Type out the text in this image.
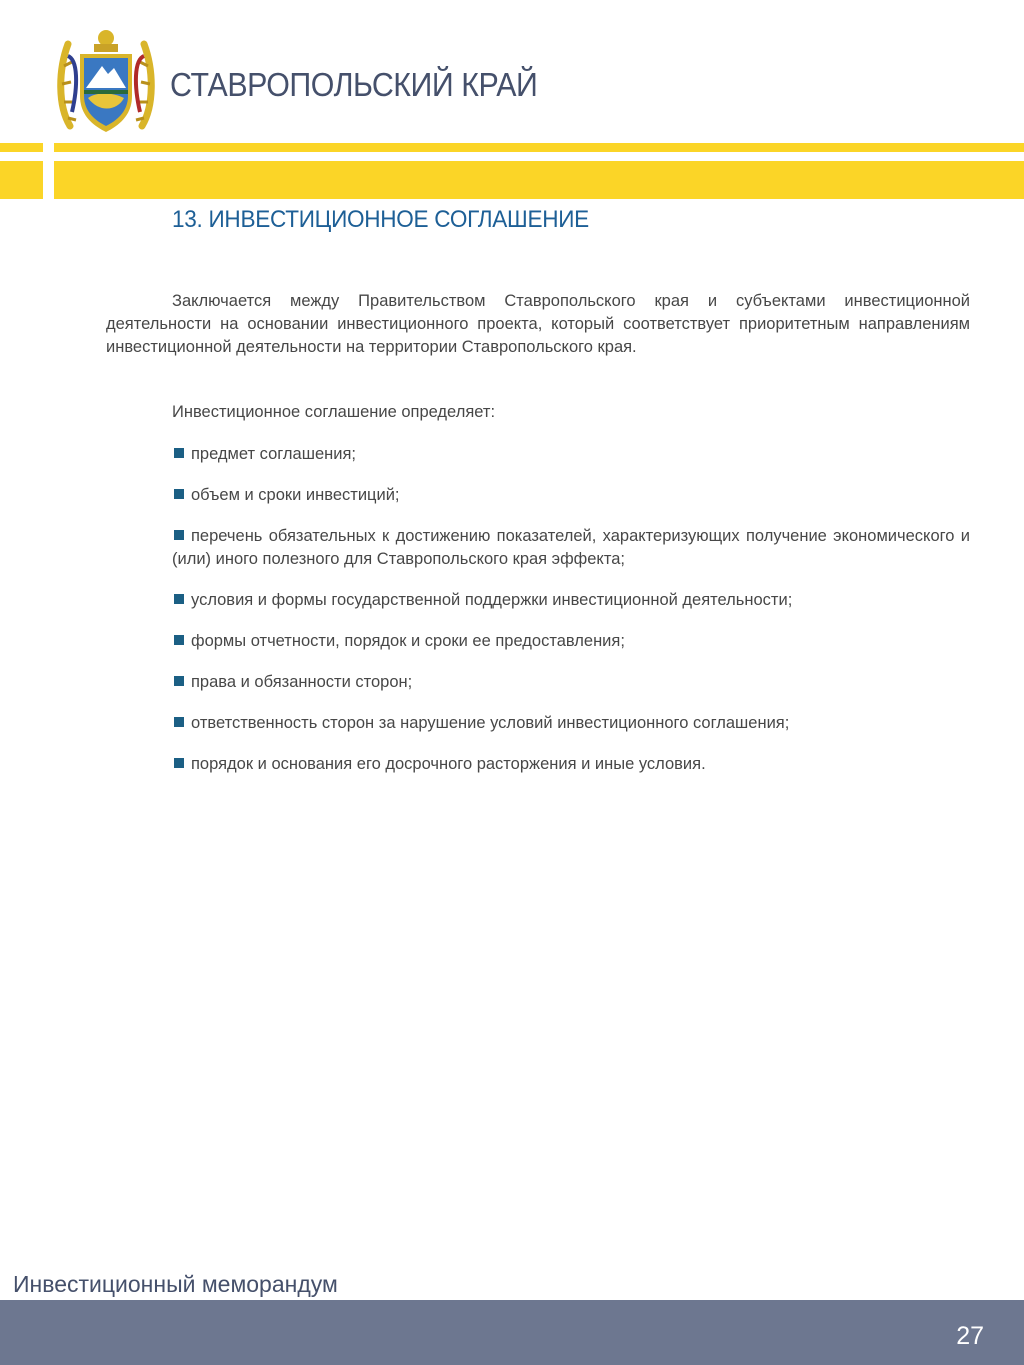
СТАВРОПОЛЬСКИЙ КРАЙ
13. ИНВЕСТИЦИОННОЕ СОГЛАШЕНИЕ

Заключается между Правительством Ставропольского края и субъектами инвестиционной деятельности на основании инвестиционного проекта, который соответствует приоритетным направлениям инвестиционной деятельности на территории Ставропольского края.

Инвестиционное соглашение определяет:

предмет соглашения;
объем и сроки инвестиций;
перечень обязательных к достижению показателей, характеризующих получение экономического и (или) иного полезного для Ставропольского края эффекта;
условия и формы государственной поддержки инвестиционной деятельности;
формы отчетности, порядок и сроки ее предоставления;
права и обязанности сторон;
ответственность сторон за нарушение условий инвестиционного соглашения;
порядок и основания его досрочного расторжения и иные условия.
Инвестиционный меморандум
27
